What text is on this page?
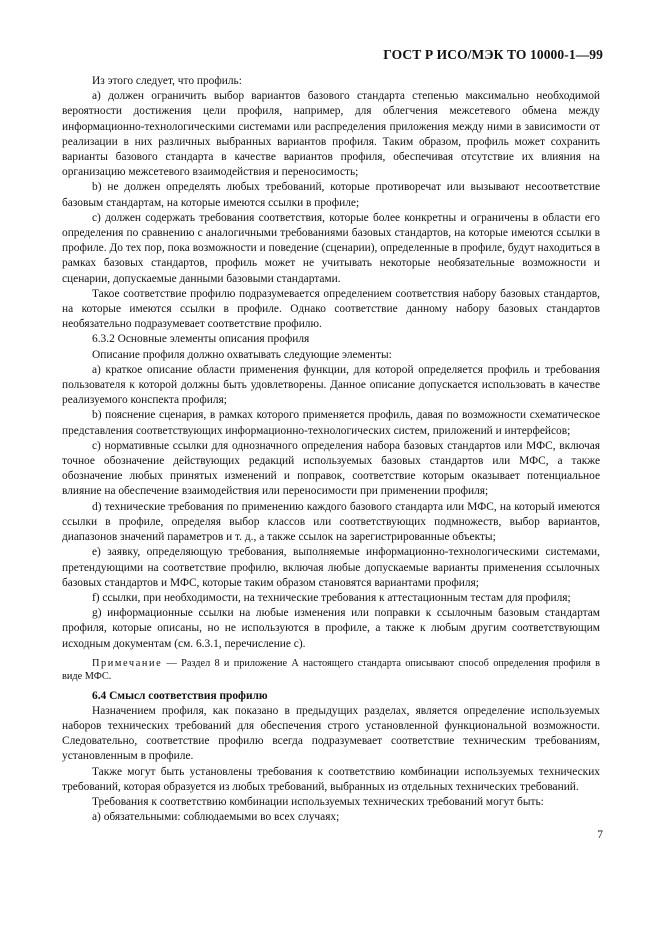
ГОСТ Р ИСО/МЭК ТО 10000-1—99

Из этого следует, что профиль:

a) должен ограничить выбор вариантов базового стандарта степенью максимально необходимой вероятности достижения цели профиля, например, для облегчения межсетевого обмена между информационно-технологическими системами или распределения приложения между ними в зависимости от реализации в них различных выбранных вариантов профиля. Таким образом, профиль может сохранить варианты базового стандарта в качестве вариантов профиля, обеспечивая отсутствие их влияния на организацию межсетевого взаимодействия и переносимость;

b) не должен определять любых требований, которые противоречат или вызывают несоответствие базовым стандартам, на которые имеются ссылки в профиле;

c) должен содержать требования соответствия, которые более конкретны и ограничены в области его определения по сравнению с аналогичными требованиями базовых стандартов, на которые имеются ссылки в профиле. До тех пор, пока возможности и поведение (сценарии), определенные в профиле, будут находиться в рамках базовых стандартов, профиль может не учитывать некоторые необязательные возможности и сценарии, допускаемые данными базовыми стандартами.

Такое соответствие профилю подразумевается определением соответствия набору базовых стандартов, на которые имеются ссылки в профиле. Однако соответствие данному набору базовых стандартов необязательно подразумевает соответствие профилю.

6.3.2 Основные элементы описания профиля

Описание профиля должно охватывать следующие элементы:

a) краткое описание области применения функции, для которой определяется профиль и требования пользователя к которой должны быть удовлетворены. Данное описание допускается использовать в качестве реализуемого конспекта профиля;

b) пояснение сценария, в рамках которого применяется профиль, давая по возможности схематическое представления соответствующих информационно-технологических систем, приложений и интерфейсов;

c) нормативные ссылки для однозначного определения набора базовых стандартов или МФС, включая точное обозначение действующих редакций используемых базовых стандартов или МФС, а также обозначение любых принятых изменений и поправок, соответствие которым оказывает потенциальное влияние на обеспечение взаимодействия или переносимости при применении профиля;

d) технические требования по применению каждого базового стандарта или МФС, на который имеются ссылки в профиле, определяя выбор классов или соответствующих подмножеств, выбор вариантов, диапазонов значений параметров и т. д., а также ссылок на зарегистрированные объекты;

e) заявку, определяющую требования, выполняемые информационно-технологическими системами, претендующими на соответствие профилю, включая любые допускаемые варианты применения ссылочных базовых стандартов и МФС, которые таким образом становятся вариантами профиля;

f) ссылки, при необходимости, на технические требования к аттестационным тестам для профиля;

g) информационные ссылки на любые изменения или поправки к ссылочным базовым стандартам профиля, которые описаны, но не используются в профиле, а также к любым другим соответствующим исходным документам (см. 6.3.1, перечисление c).

Примечание — Раздел 8 и приложение А настоящего стандарта описывают способ определения профиля в виде МФС.

6.4 Смысл соответствия профилю

Назначением профиля, как показано в предыдущих разделах, является определение используемых наборов технических требований для обеспечения строго установленной функциональной возможности. Следовательно, соответствие профилю всегда подразумевает соответствие техническим требованиям, установленным в профиле.

Также могут быть установлены требования к соответствию комбинации используемых технических требований, которая образуется из любых требований, выбранных из отдельных технических требований.

Требования к соответствию комбинации используемых технических требований могут быть:

a) обязательными: соблюдаемыми во всех случаях;

7
